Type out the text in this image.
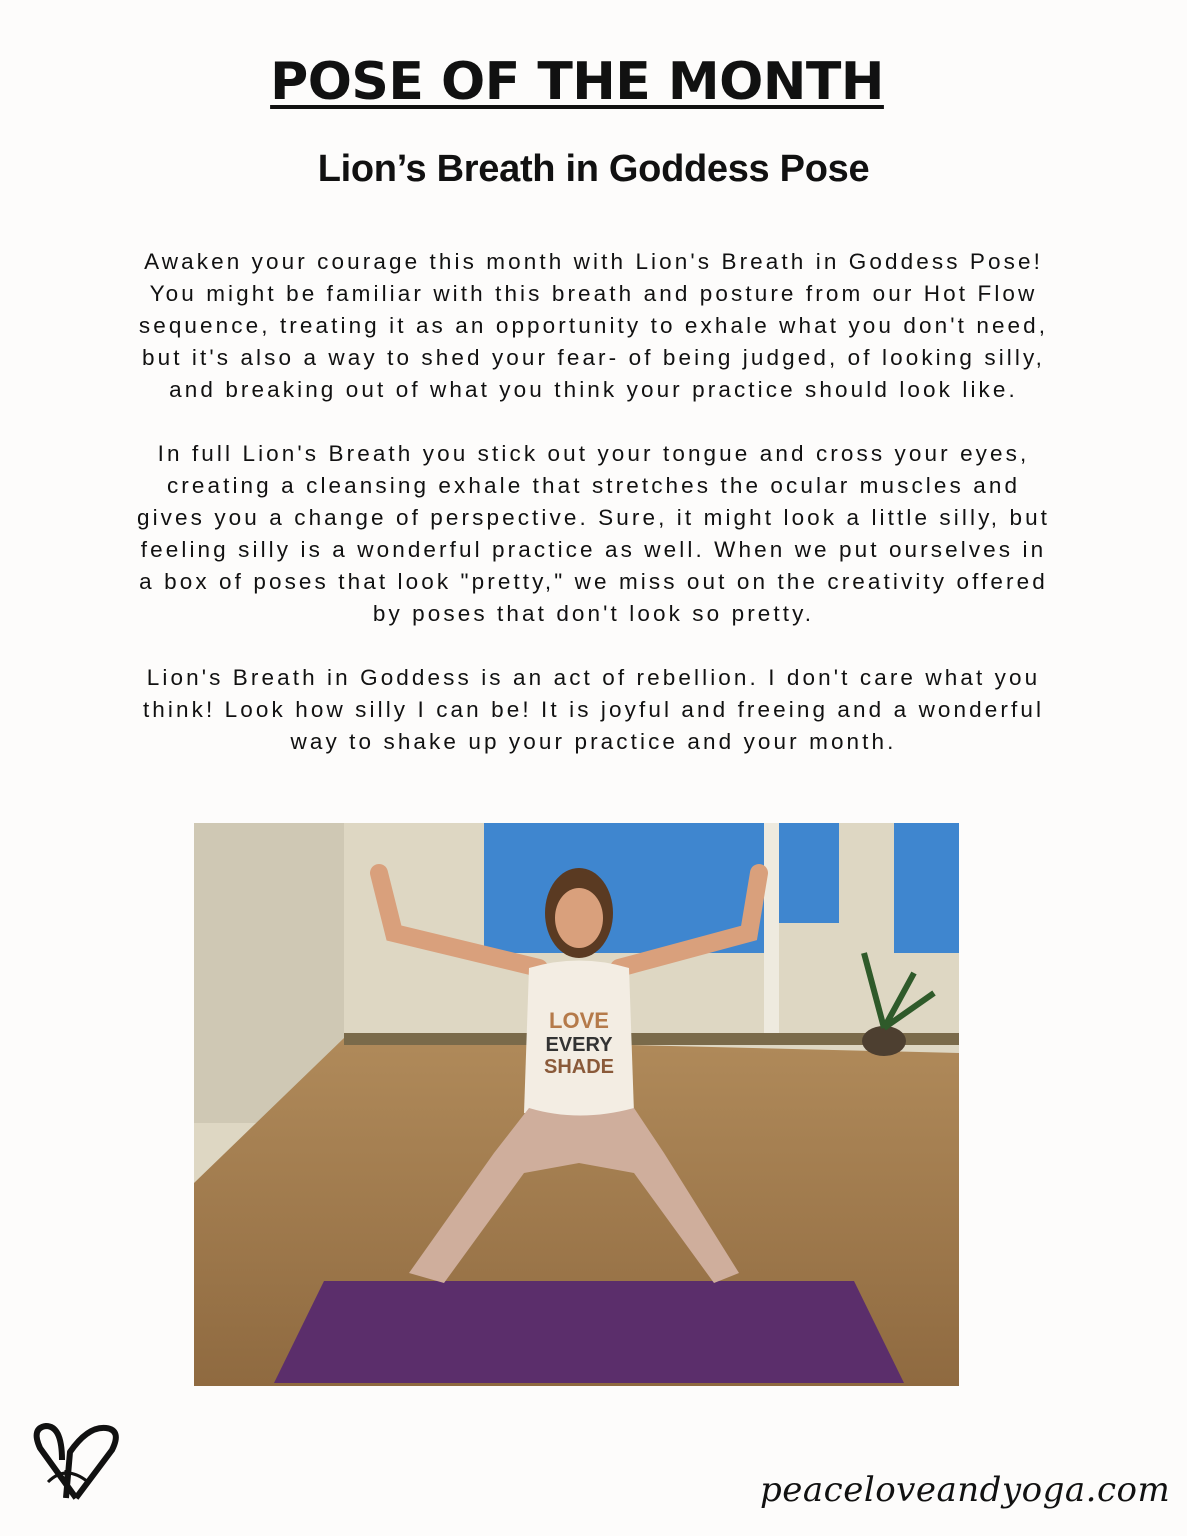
POSE OF THE MONTH
Lion’s Breath in Goddess Pose
Awaken your courage this month with Lion's Breath in Goddess Pose!
You might be familiar with this breath and posture from our Hot Flow
sequence, treating it as an opportunity to exhale what you don't need,
but it's also a way to shed your fear- of being judged, of looking silly,
and breaking out of what you think your practice should look like.
In full Lion's Breath you stick out your tongue and cross your eyes,
creating a cleansing exhale that stretches the ocular muscles and
gives you a change of perspective. Sure, it might look a little silly, but
feeling silly is a wonderful practice as well. When we put ourselves in
a box of poses that look "pretty," we miss out on the creativity offered
by poses that don't look so pretty.
Lion's Breath in Goddess is an act of rebellion. I don't care what you
think! Look how silly I can be! It is joyful and freeing and a wonderful
way to shake up your practice and your month.
LOVE
EVERY
SHADE
peaceloveandyoga.com
